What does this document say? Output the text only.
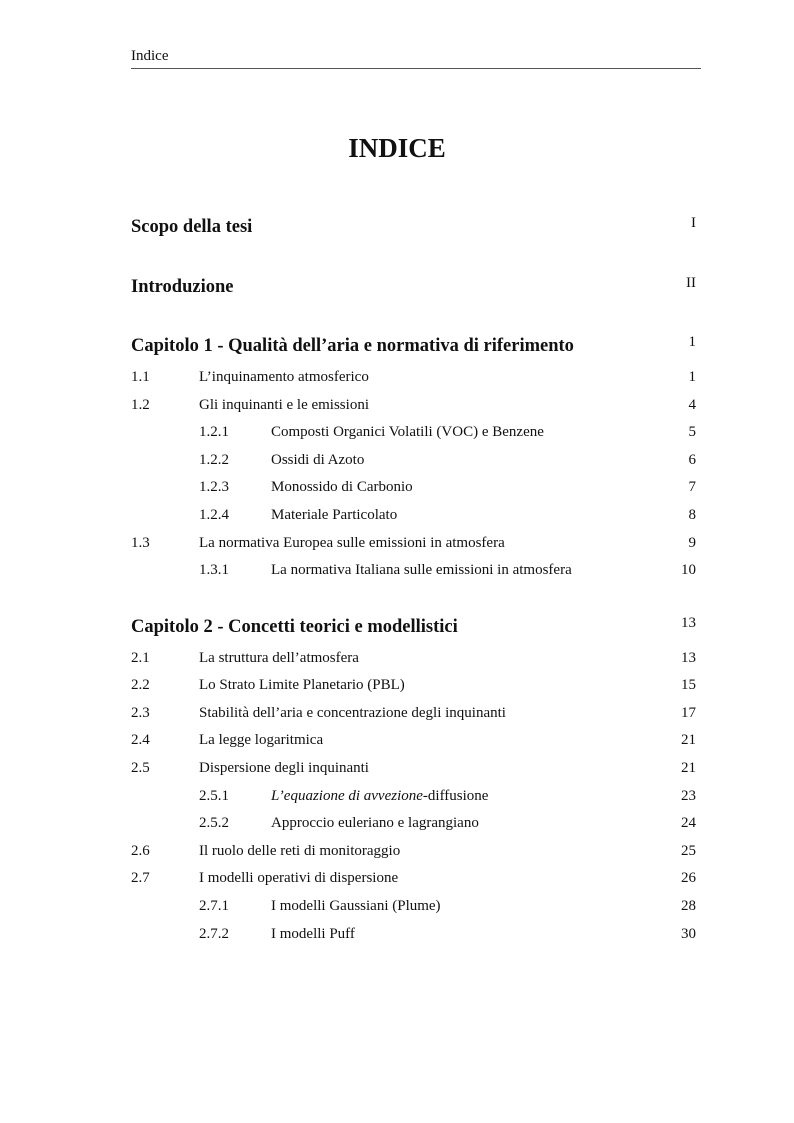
Indice
INDICE
Scopo della tesi	I
Introduzione	II
Capitolo 1 - Qualità dell’aria e normativa di riferimento	1
1.1	L’inquinamento atmosferico	1
1.2	Gli inquinanti e le emissioni	4
1.2.1	Composti Organici Volatili (VOC) e Benzene	5
1.2.2	Ossidi di Azoto	6
1.2.3	Monossido di Carbonio	7
1.2.4	Materiale Particolato	8
1.3	La normativa Europea sulle emissioni in atmosfera	9
1.3.1	La normativa Italiana sulle emissioni in atmosfera	10
Capitolo 2 - Concetti teorici e modellistici	13
2.1	La struttura dell’atmosfera	13
2.2	Lo Strato Limite Planetario (PBL)	15
2.3	Stabilità dell’aria e concentrazione degli inquinanti	17
2.4	La legge logaritmica	21
2.5	Dispersione degli inquinanti	21
2.5.1	L’equazione di avvezione-diffusione	23
2.5.2	Approccio euleriano e lagrangiano	24
2.6	Il ruolo delle reti di monitoraggio	25
2.7	I modelli operativi di dispersione	26
2.7.1	I modelli Gaussiani (Plume)	28
2.7.2	I modelli Puff	30
